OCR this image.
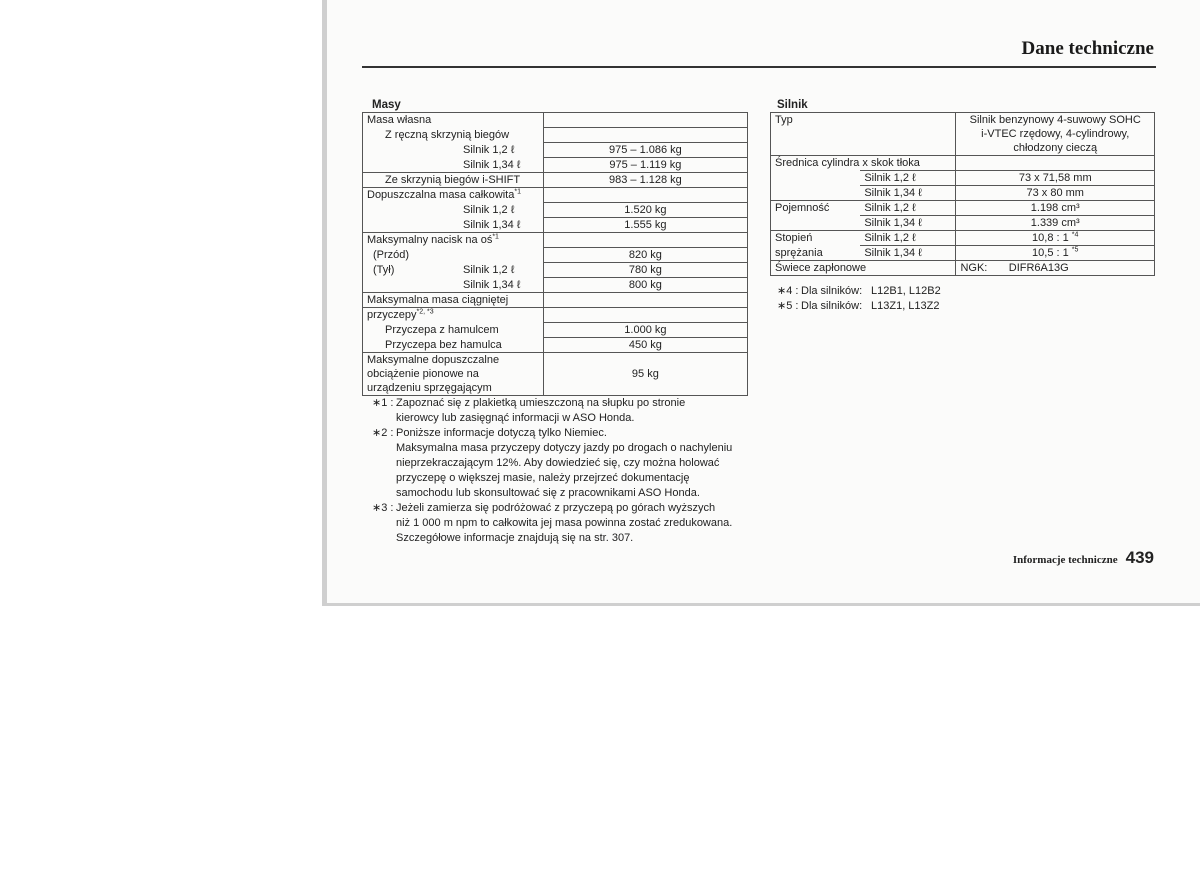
Dane techniczne
Masy
Masa własna	
Z ręczną skrzynią biegów	
Silnik 1,2 ℓ	975 – 1.086 kg
Silnik 1,34 ℓ	975 – 1.119 kg
Ze skrzynią biegów i-SHIFT	983 – 1.128 kg
Dopuszczalna masa całkowita$^{*1}$	
Silnik 1,2 ℓ	1.520 kg
Silnik 1,34 ℓ	1.555 kg
Maksymalny nacisk na $oś^{*1}$	
(Przód)	820 kg
(Tył) Silnik 1,2 ℓ	780 kg
Silnik 1,34 ℓ	800 kg
Maksymalna masa ciągniętej	
przyczepy$^{*2, *3}$	
Przyczepa z hamulcem	1.000 kg
Przyczepa bez hamulca	450 kg

Maksymalne dopuszczalne
obciążenie pionowe na
urządzeniu sprzęgającym	95 kg
∗1 : Zapoznać się z plakietką umieszczoną na słupku po stronie
kierowcy lub zasięgnąć informacji w ASO Honda.
∗2 : Poniższe informacje dotyczą tylko Niemiec.
Maksymalna masa przyczepy dotyczy jazdy po drogach o nachyleniu
nieprzekraczającym 12%. Aby dowiedzieć się, czy można holować
przyczepę o większej masie, należy przejrzeć dokumentację
samochodu lub skonsultować się z pracownikami ASO Honda.
∗3 : Jeżeli zamierza się podróżować z przyczepą po górach wyższych
niż 1 000 m npm to całkowita jej masa powinna zostać zredukowana.
Szczegółowe informacje znajdują się na str. 307.
Silnik
Typ		Silnik benzynowy 4-suwowy SOHC
i-VTEC rzędowy, 4-cylindrowy,
chłodzony cieczą

Średnica cylindra x skok tłoka		
	Silnik 1,2 ℓ	73 x 71,58 mm
	Silnik 1,34 ℓ	73 x 80 mm
Pojemność	Silnik 1,2 ℓ	1.198 cm³
	Silnik 1,34 ℓ	1.339 cm³
Stopień	Silnik 1,2 ℓ	10,8 : 1 $^{*4}$
sprężania	Silnik 1,34 ℓ	10,5 : 1 $^{*5}$
Świece zapłonowe		NGK: DIFR6A13G
∗4 : Dla silników: L12B1, L12B2
∗5 : Dla silników: L13Z1, L13Z2
Informacje techniczne 439
